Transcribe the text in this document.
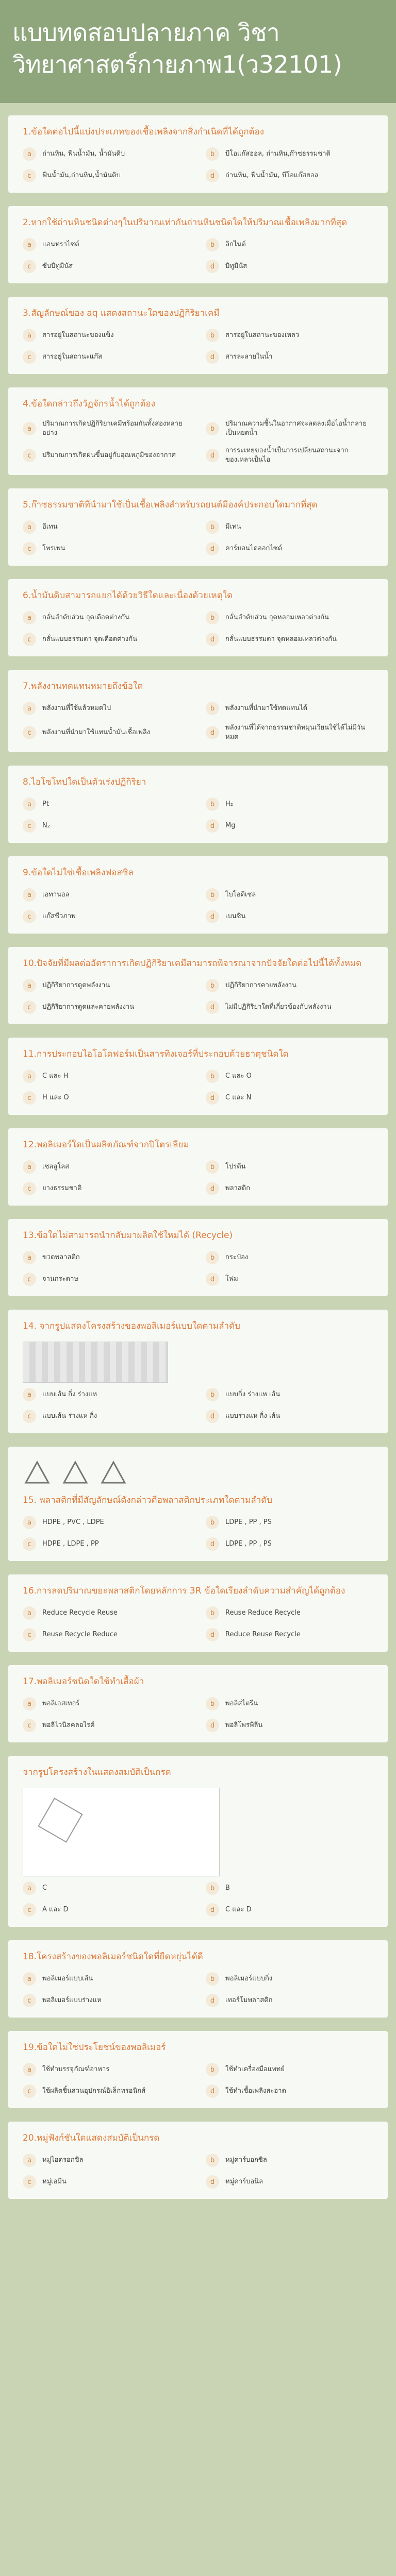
แบบทดสอบปลายภาค วิชาวิทยาศาสตร์กายภาพ1(ว32101)
1.ข้อใดต่อไปนี้แบ่งประเภทของเชื้อเพลิงจากสิ่งกำเนิดที่ได้ถูกต้อง
a	ถ่านหิน, ฟืนน้ำมัน, น้ำมันดิบ	b	บีโอแก๊สฮอล, ถ่านหิน,ก๊าซธรรมชาติ
c	ฟืนน้ำมัน,ถ่านหิน,น้ำมันดิบ	d	ถ่านหิน, ฟืนน้ำมัน, บีโอแก๊สฮอล
2.หากใช้ถ่านหินชนิดต่างๆในปริมาณเท่ากันถ่านหินชนิดใดให้ปริมาณเชื้อเพลิงมากที่สุด
a	แอนทราไซต์	b	ลิกไนต์
c	ซับบิทูมินัส	d	บิทูมินัส
3.สัญลักษณ์ของ aq แสดงสถานะใดของปฏิกิริยาเคมี
a	สารอยู่ในสถานะของแข็ง	b	สารอยู่ในสถานะของเหลว
c	สารอยู่ในสถานะแก๊ส	d	สารละลายในน้ำ
4.ข้อใดกล่าวถึงวัฏจักรน้ำได้ถูกต้อง
a
ปริมาณการเกิดปฏิกิริยาเคมีพร้อมกันทั้งสองหลายอย่าง
b
ปริมาณความชื้นในอากาศจะลดลงเมื่อไอน้ำกลายเป็นหยดน้ำ
c	ปริมาณการเกิดฝนขึ้นอยู่กับอุณหภูมิของอากาศ	d
การระเหยของน้ำเป็นการเปลี่ยนสถานะจากของเหลวเป็นไอ
5.ก๊าซธรรมชาติที่นำมาใช้เป็นเชื้อเพลิงสำหรับรถยนต์มีองค์ประกอบใดมากที่สุด
a	อีเทน	b	มีเทน
c	โพรเพน	d	คาร์บอนไดออกไซด์
6.น้ำมันดิบสามารถแยกได้ด้วยวิธีใดและเนื่องด้วยเหตุใด
a	กลั่นลำดับส่วน จุดเดือดต่างกัน	b	กลั่นลำดับส่วน จุดหลอมเหลวต่างกัน
c	กลั่นแบบธรรมดา จุดเดือดต่างกัน	d	กลั่นแบบธรรมดา จุดหลอมเหลวต่างกัน
7.พลังงานทดแทนหมายถึงข้อใด
a	พลังงานที่ใช้แล้วหมดไป	b	พลังงานที่นำมาใช้ทดแทนได้
c	พลังงานที่นำมาใช้แทนน้ำมันเชื้อเพลิง	d
พลังงานที่ได้จากธรรมชาติหมุนเวียนใช้ได้ไม่มีวันหมด
8.ไอโซโทปใดเป็นตัวเร่งปฏิกิริยา
a	Pt	b	H₂
c	N₂	d	Mg
9.ข้อใดไม่ใช่เชื้อเพลิงฟอสซิล
a	เอทานอล	b	ไบโอดีเซล
c	แก๊สชีวภาพ	d	เบนซิน
10.ปัจจัยที่มีผลต่ออัตราการเกิดปฏิกิริยาเคมีสามารถพิจารณาจากปัจจัยใดต่อไปนี้ได้ทั้งหมด
a	ปฏิกิริยาการดูดพลังงาน	b	ปฏิกิริยาการคายพลังงาน
c	ปฏิกิริยาการดูดและคายพลังงาน	d	ไม่มีปฏิกิริยาใดที่เกี่ยวข้องกับพลังงาน
11.การประกอบไอโอโดฟอร์มเป็นสารทิงเจอร์ที่ประกอบด้วยธาตุชนิดใด
a	C และ H	b	C และ O
c	H และ O	d	C และ N
12.พอลิเมอร์ใดเป็นผลิตภัณฑ์จากปิโตรเลียม
a	เซลลูโลส	b	โปรตีน
c	ยางธรรมชาติ	d	พลาสติก
13.ข้อใดไม่สามารถนำกลับมาผลิตใช้ใหม่ได้ (Recycle)
a	ขวดพลาสติก	b	กระป๋อง
c	จานกระดาษ	d	โฟม
14. จากรูปแสดงโครงสร้างของพอลิเมอร์แบบใดตามลำดับ
a	แบบเส้น กิ่ง ร่างแห	b	แบบกิ่ง ร่างแห เส้น
c	แบบเส้น ร่างแห กิ่ง	d	แบบร่างแห กิ่ง เส้น
15. พลาสติกที่มีสัญลักษณ์ดังกล่าวคือพลาสติกประเภทใดตามลำดับ
a	HDPE , PVC , LDPE	b	LDPE , PP , PS
c	HDPE , LDPE , PP	d	LDPE , PP , PS
16.การลดปริมาณขยะพลาสติกโดยหลักการ 3R ข้อใดเรียงลำดับความสำคัญได้ถูกต้อง
a	Reduce Recycle Reuse	b	Reuse Reduce Recycle
c	Reuse Recycle Reduce	d	Reduce Reuse Recycle
17.พอลิเมอร์ชนิดใดใช้ทำเสื้อผ้า
a	พอลิเอสเทอร์	b	พอลิสไตรีน
c	พอลิไวนิลคลอไรด์	d	พอลิโพรพิลีน
จากรูปโครงสร้างในแสดงสมบัติเป็นกรด
a	C	b	B
c	A และ D	d	C และ D
18.โครงสร้างของพอลิเมอร์ชนิดใดที่ยืดหยุ่นได้ดี
a	พอลิเมอร์แบบเส้น	b	พอลิเมอร์แบบกิ่ง
c	พอลิเมอร์แบบร่างแห	d	เทอร์โมพลาสติก
19.ข้อใดไม่ใช่ประโยชน์ของพอลิเมอร์
a	ใช้ทำบรรจุภัณฑ์อาหาร	b	ใช้ทำเครื่องมือแพทย์
c	ใช้ผลิตชิ้นส่วนอุปกรณ์อิเล็กทรอนิกส์	d	ใช้ทำเชื้อเพลิงสะอาด
20.หมู่ฟังก์ชันใดแสดงสมบัติเป็นกรด
a	หมู่ไฮดรอกซิล	b	หมู่คาร์บอกซิล
c	หมู่เอมีน	d	หมู่คาร์บอนิล
